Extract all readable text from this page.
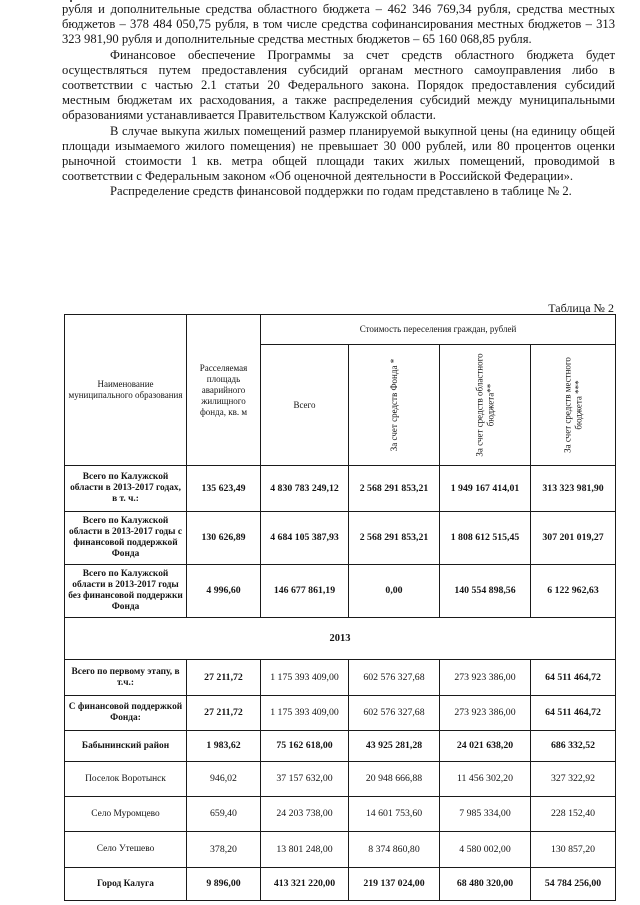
рубля и дополнительные средства областного бюджета – 462 346 769,34 рубля, средства местных бюджетов – 378 484 050,75 рубля, в том числе средства софинансирования местных бюджетов – 313 323 981,90 рубля и дополнительные средства местных бюджетов – 65 160 068,85 рубля.

Финансовое обеспечение Программы за счет средств областного бюджета будет осуществляться путем предоставления субсидий органам местного самоуправления либо в соответствии с частью 2.1 статьи 20 Федерального закона. Порядок предоставления субсидий местным бюджетам их расходования, а также распределения субсидий между муниципальными образованиями устанавливается Правительством Калужской области.

В случае выкупа жилых помещений размер планируемой выкупной цены (на единицу общей площади изымаемого жилого помещения) не превышает 30 000 рублей, или 80 процентов оценки рыночной стоимости 1 кв. метра общей площади таких жилых помещений, проводимой в соответствии с Федеральным законом «Об оценочной деятельности в Российской Федерации».

Распределение средств финансовой поддержки по годам представлено в таблице № 2.

Таблица № 2
Наименование муниципального образования	Расселяемая площадь аварийного жилищного фонда, кв. м	Стоимость переселения граждан, рублей			
		Всего	За счет средств Фонда *	За счет средств областного бюджета**	За счет средств местного бюджета ***

Всего по Калужской области в 2013-2017 годах, в т. ч.:	135 623,49	4 830 783 249,12	2 568 291 853,21	1 949 167 414,01	313 323 981,90
Всего по Калужской области в 2013-2017 годы с финансовой поддержкой Фонда	130 626,89	4 684 105 387,93	2 568 291 853,21	1 808 612 515,45	307 201 019,27
Всего по Калужской области в 2013-2017 годы без финансовой поддержки Фонда	4 996,60	146 677 861,19	0,00	140 554 898,56	6 122 962,63
2013					
Всего по первому этапу, в т.ч.:	27 211,72	1 175 393 409,00	602 576 327,68	273 923 386,00	64 511 464,72
С финансовой поддержкой Фонда:	27 211,72	1 175 393 409,00	602 576 327,68	273 923 386,00	64 511 464,72
Бабынинский район	1 983,62	75 162 618,00	43 925 281,28	24 021 638,20	686 332,52
Поселок Воротынск	946,02	37 157 632,00	20 948 666,88	11 456 302,20	327 322,92
Село Муромцево	659,40	24 203 738,00	14 601 753,60	7 985 334,00	228 152,40
Село Утешево	378,20	13 801 248,00	8 374 860,80	4 580 002,00	130 857,20
Город Калуга	9 896,00	413 321 220,00	219 137 024,00	68 480 320,00	54 784 256,00
